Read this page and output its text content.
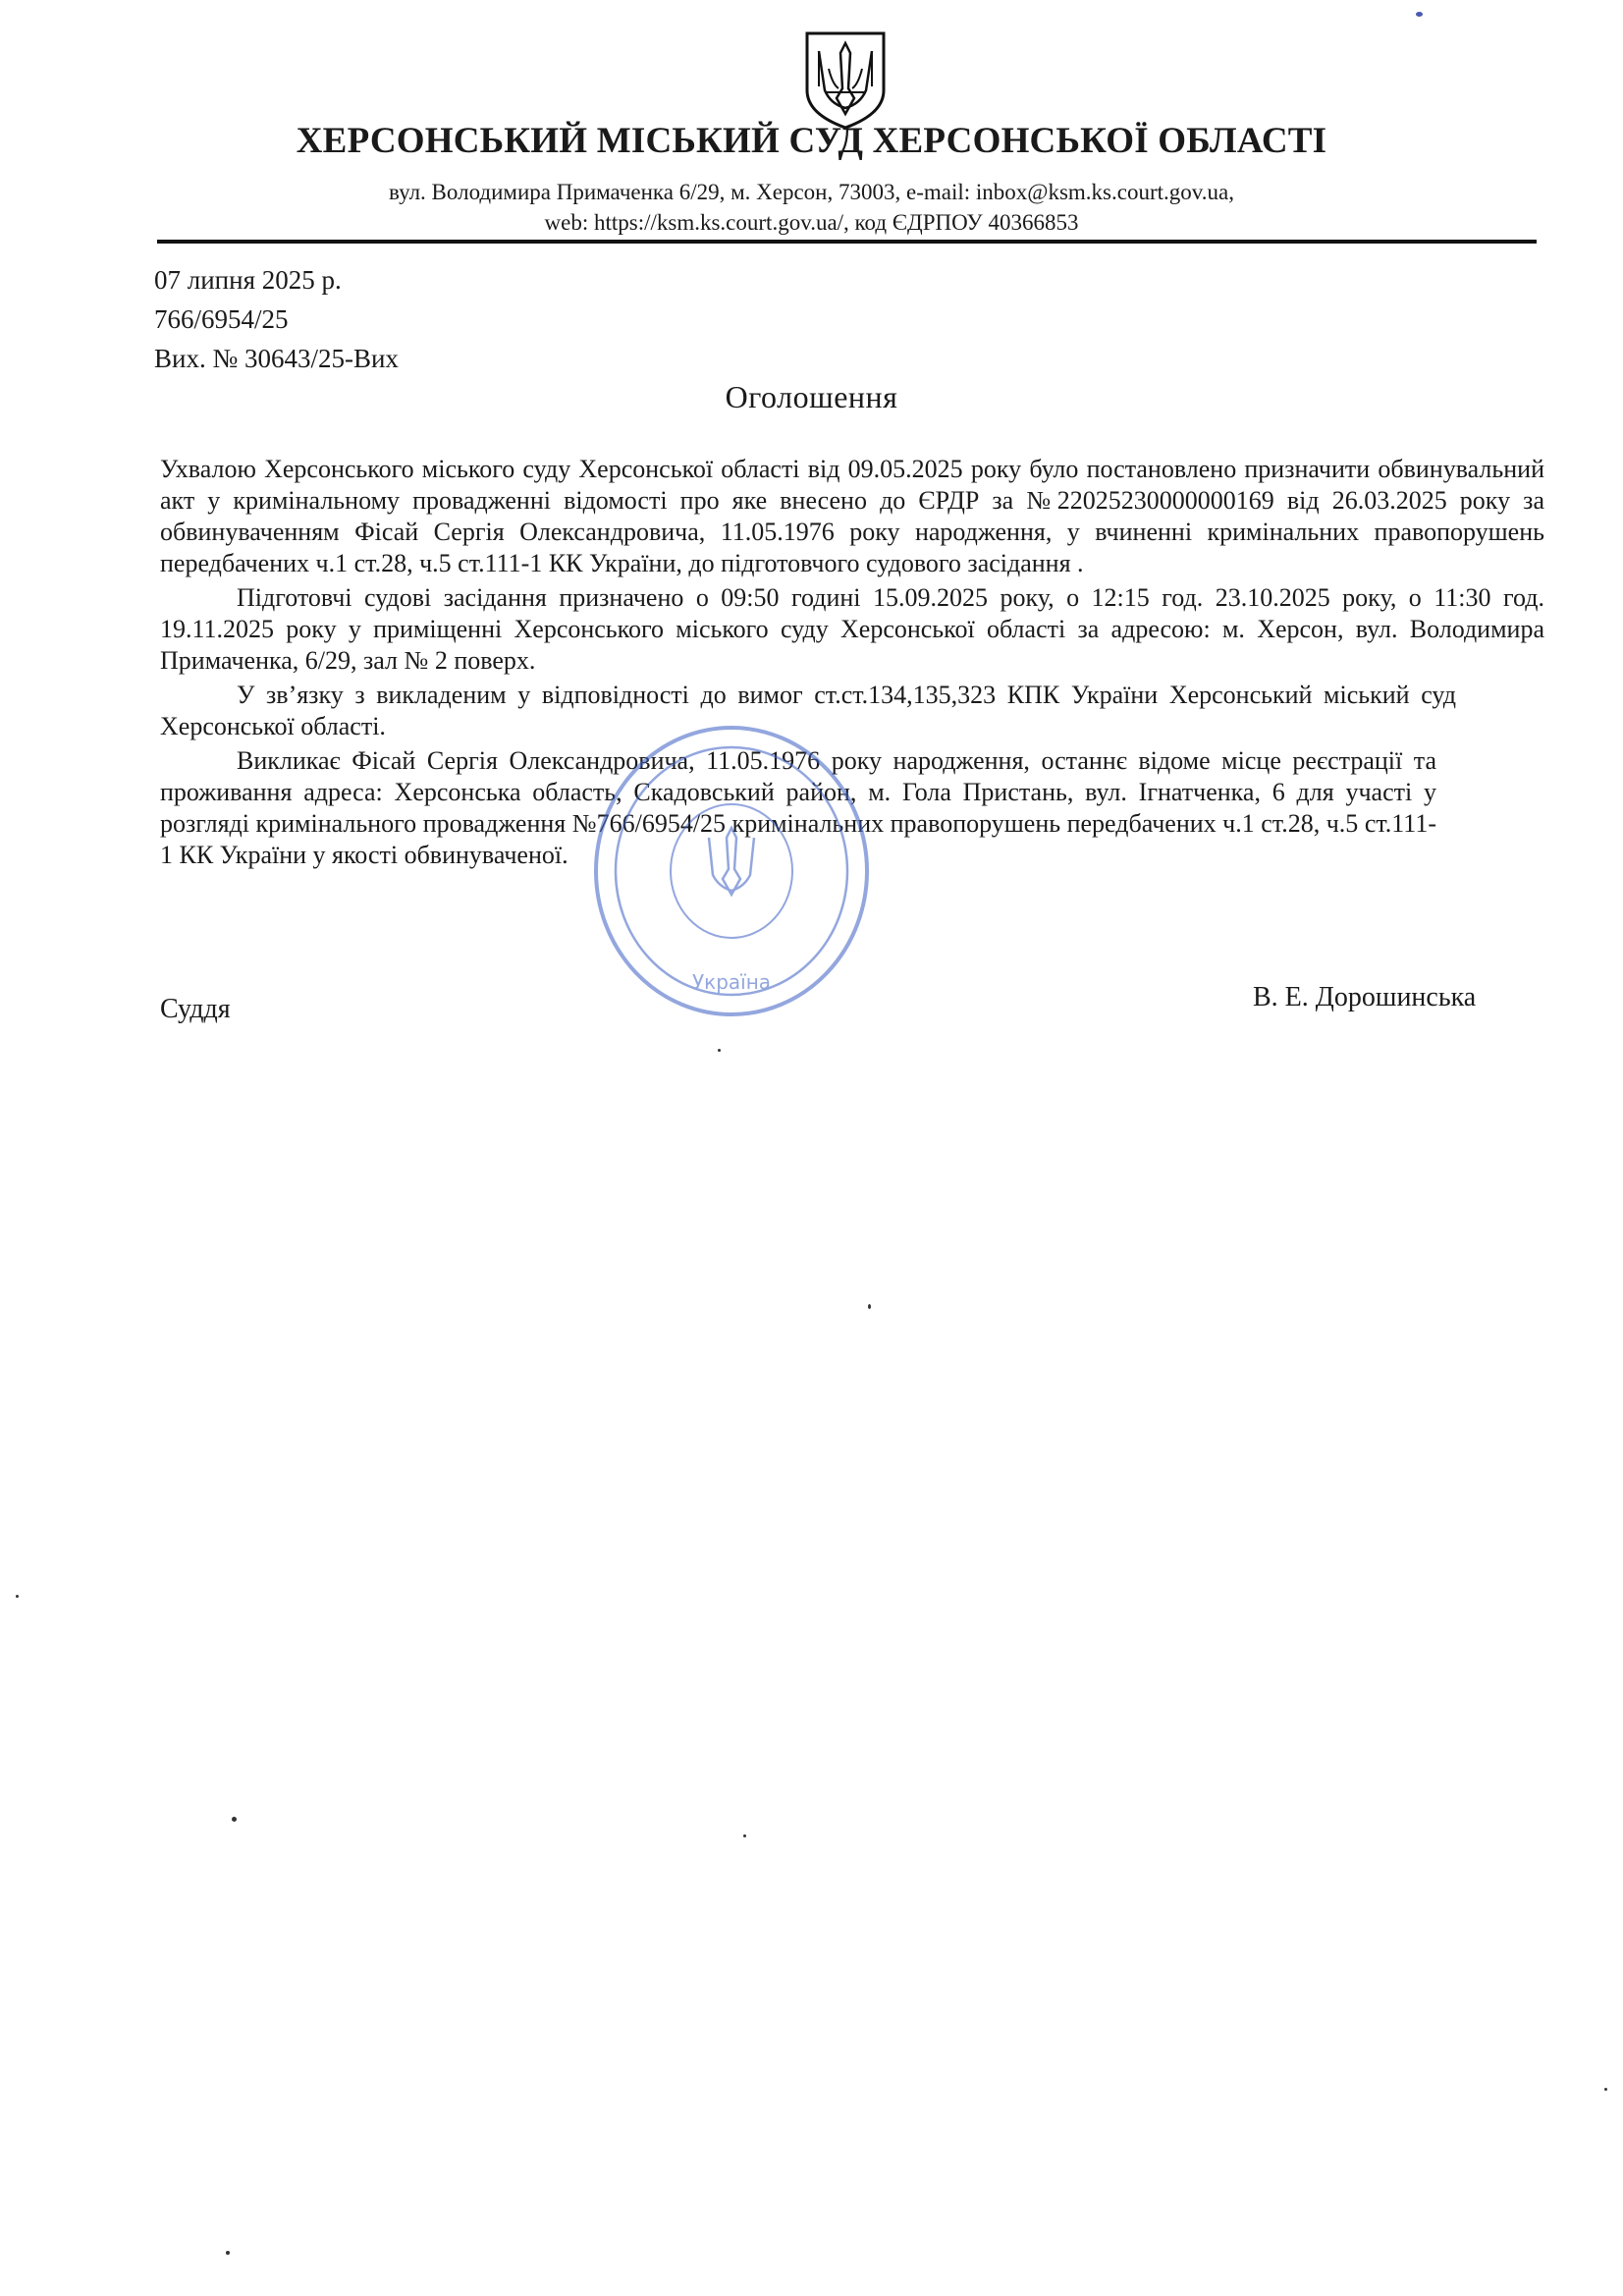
ХЕРСОНСЬКИЙ МІСЬКИЙ СУД ХЕРСОНСЬКОЇ ОБЛАСТІ
вул. Володимира Примаченка 6/29, м. Херсон, 73003, e-mail: inbox@ksm.ks.court.gov.ua,
web: https://ksm.ks.court.gov.ua/, код ЄДРПОУ 40366853
07 липня 2025 р.
766/6954/25
Вих. № 30643/25-Вих
Оголошення

Ухвалою Херсонського міського суду Херсонської області від 09.05.2025 року було постановлено призначити обвинувальний акт у кримінальному провадженні відомості про яке внесено до ЄРДР за №22025230000000169 від 26.03.2025 року за обвинуваченням Фісай Сергія Олександровича, 11.05.1976 року народження, у вчиненні кримінальних правопорушень передбачених ч.1 ст.28, ч.5 ст.111-1 КК України, до підготовчого судового засідання .

Підготовчі судові засідання призначено о 09:50 годині 15.09.2025 року, о 12:15 год. 23.10.2025 року, о 11:30 год. 19.11.2025 року у приміщенні Херсонського міського суду Херсонської області за адресою: м. Херсон, вул. Володимира Примаченка, 6/29, зал № 2 поверх.

У зв’язку з викладеним у відповідності до вимог ст.ст.134,135,323 КПК України Херсонський міський суд Херсонської області.

Викликає Фісай Сергія Олександровича, 11.05.1976 року народження, останнє відоме місце реєстрації та проживання адреса: Херсонська область, Скадовський район, м. Гола Пристань, вул. Ігнатченка, 6 для участі у розгляді кримінального провадження №766/6954/25 кримінальних правопорушень передбачених ч.1 ст.28, ч.5 ст.111-1 КК України у якості обвинуваченої.

Україна
Суддя	В. Е. Дорошинська
